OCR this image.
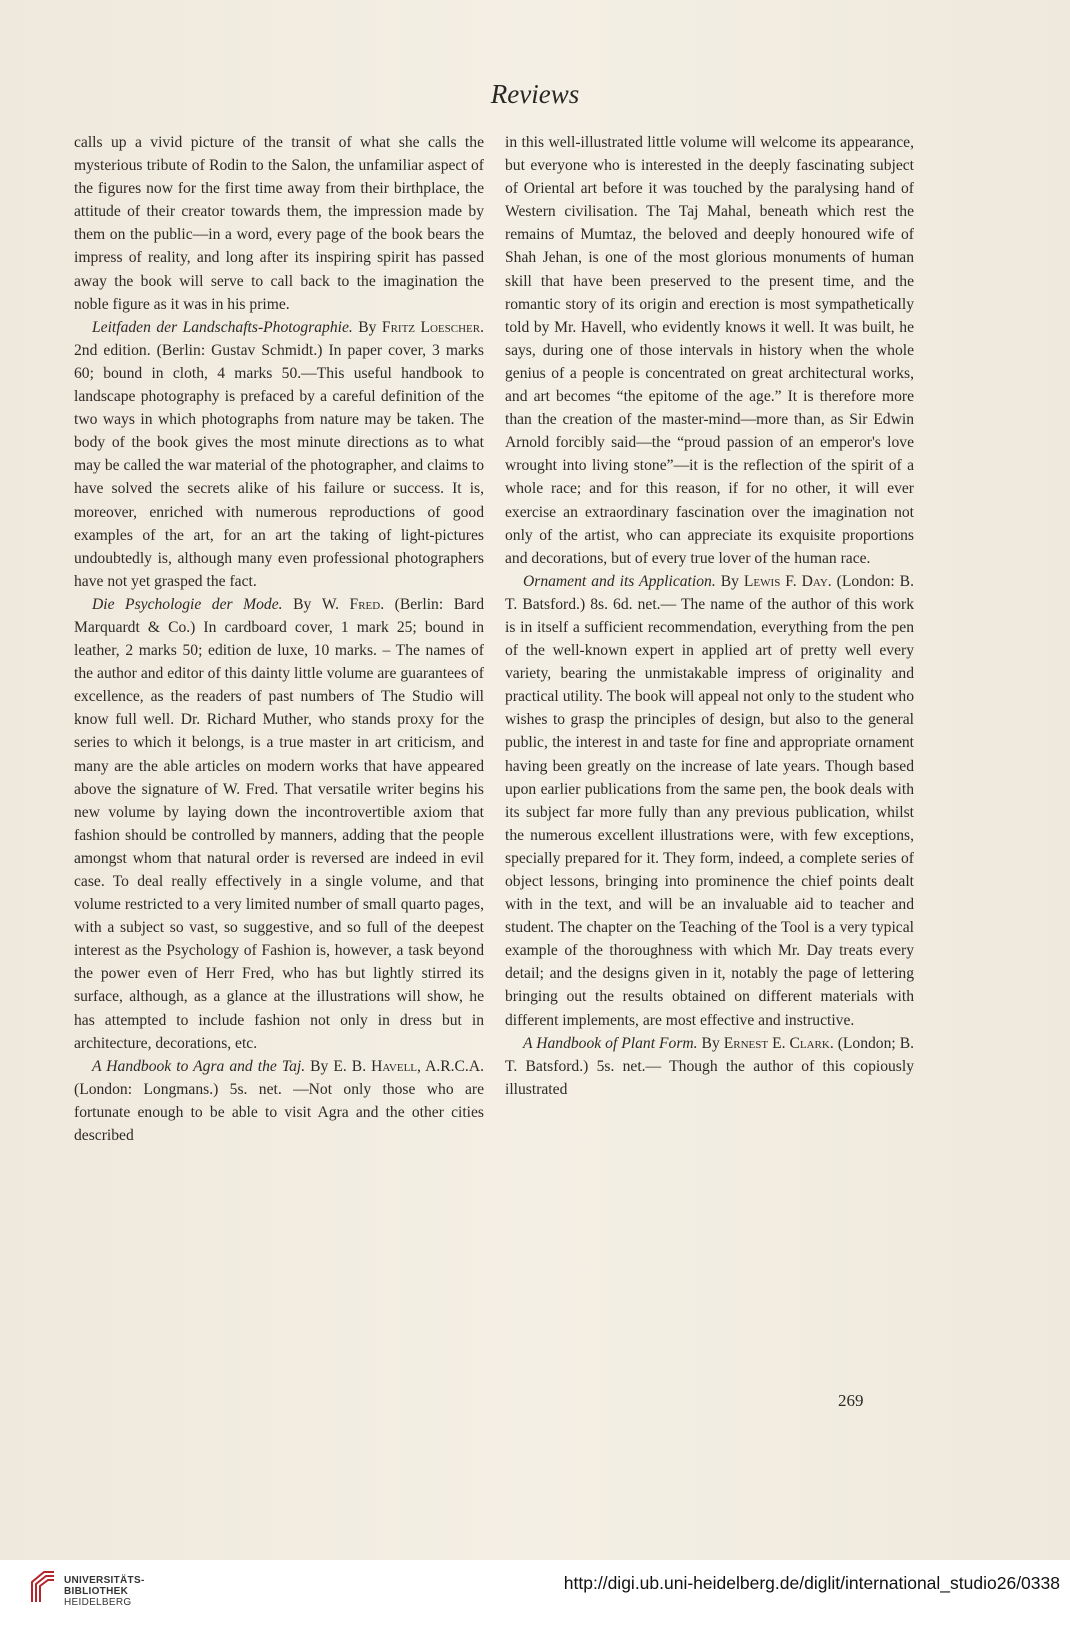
Reviews

calls up a vivid picture of the transit of what she calls the mysterious tribute of Rodin to the Salon, the unfamiliar aspect of the figures now for the first time away from their birthplace, the attitude of their creator towards them, the impression made by them on the public—in a word, every page of the book bears the impress of reality, and long after its inspiring spirit has passed away the book will serve to call back to the imagination the noble figure as it was in his prime.

Leitfaden der Landschafts-Photographie. By Fritz Loescher. 2nd edition. (Berlin: Gustav Schmidt.) In paper cover, 3 marks 60; bound in cloth, 4 marks 50.—This useful handbook to landscape photography is prefaced by a careful definition of the two ways in which photographs from nature may be taken. The body of the book gives the most minute directions as to what may be called the war material of the photographer, and claims to have solved the secrets alike of his failure or success. It is, moreover, enriched with numerous reproductions of good examples of the art, for an art the taking of light-pictures undoubtedly is, although many even professional photographers have not yet grasped the fact.

Die Psychologie der Mode. By W. Fred. (Berlin: Bard Marquardt & Co.) In cardboard cover, 1 mark 25; bound in leather, 2 marks 50; edition de luxe, 10 marks. – The names of the author and editor of this dainty little volume are guarantees of excellence, as the readers of past numbers of The Studio will know full well. Dr. Richard Muther, who stands proxy for the series to which it belongs, is a true master in art criticism, and many are the able articles on modern works that have appeared above the signature of W. Fred. That versatile writer begins his new volume by laying down the incontrovertible axiom that fashion should be controlled by manners, adding that the people amongst whom that natural order is reversed are indeed in evil case. To deal really effectively in a single volume, and that volume restricted to a very limited number of small quarto pages, with a subject so vast, so suggestive, and so full of the deepest interest as the Psychology of Fashion is, however, a task beyond the power even of Herr Fred, who has but lightly stirred its surface, although, as a glance at the illustrations will show, he has attempted to include fashion not only in dress but in architecture, decorations, etc.

A Handbook to Agra and the Taj. By E. B. Havell, A.R.C.A. (London: Longmans.) 5s. net. —Not only those who are fortunate enough to be able to visit Agra and the other cities described

in this well-illustrated little volume will welcome its appearance, but everyone who is interested in the deeply fascinating subject of Oriental art before it was touched by the paralysing hand of Western civilisation. The Taj Mahal, beneath which rest the remains of Mumtaz, the beloved and deeply honoured wife of Shah Jehan, is one of the most glorious monuments of human skill that have been preserved to the present time, and the romantic story of its origin and erection is most sympathetically told by Mr. Havell, who evidently knows it well. It was built, he says, during one of those intervals in history when the whole genius of a people is concentrated on great architectural works, and art becomes “the epitome of the age.” It is therefore more than the creation of the master-mind—more than, as Sir Edwin Arnold forcibly said—the “proud passion of an emperor's love wrought into living stone”—it is the reflection of the spirit of a whole race; and for this reason, if for no other, it will ever exercise an extraordinary fascination over the imagination not only of the artist, who can appreciate its exquisite proportions and decorations, but of every true lover of the human race.

Ornament and its Application. By Lewis F. Day. (London: B. T. Batsford.) 8s. 6d. net.— The name of the author of this work is in itself a sufficient recommendation, everything from the pen of the well-known expert in applied art of pretty well every variety, bearing the unmistakable impress of originality and practical utility. The book will appeal not only to the student who wishes to grasp the principles of design, but also to the general public, the interest in and taste for fine and appropriate ornament having been greatly on the increase of late years. Though based upon earlier publications from the same pen, the book deals with its subject far more fully than any previous publication, whilst the numerous excellent illustrations were, with few exceptions, specially prepared for it. They form, indeed, a complete series of object lessons, bringing into prominence the chief points dealt with in the text, and will be an invaluable aid to teacher and student. The chapter on the Teaching of the Tool is a very typical example of the thoroughness with which Mr. Day treats every detail; and the designs given in it, notably the page of lettering bringing out the results obtained on different materials with different implements, are most effective and instructive.

A Handbook of Plant Form. By Ernest E. Clark. (London; B. T. Batsford.) 5s. net.— Though the author of this copiously illustrated

269
UNIVERSITÄTS-
BIBLIOTHEK
HEIDELBERG
http://digi.ub.uni-heidelberg.de/diglit/international_studio26/0338
